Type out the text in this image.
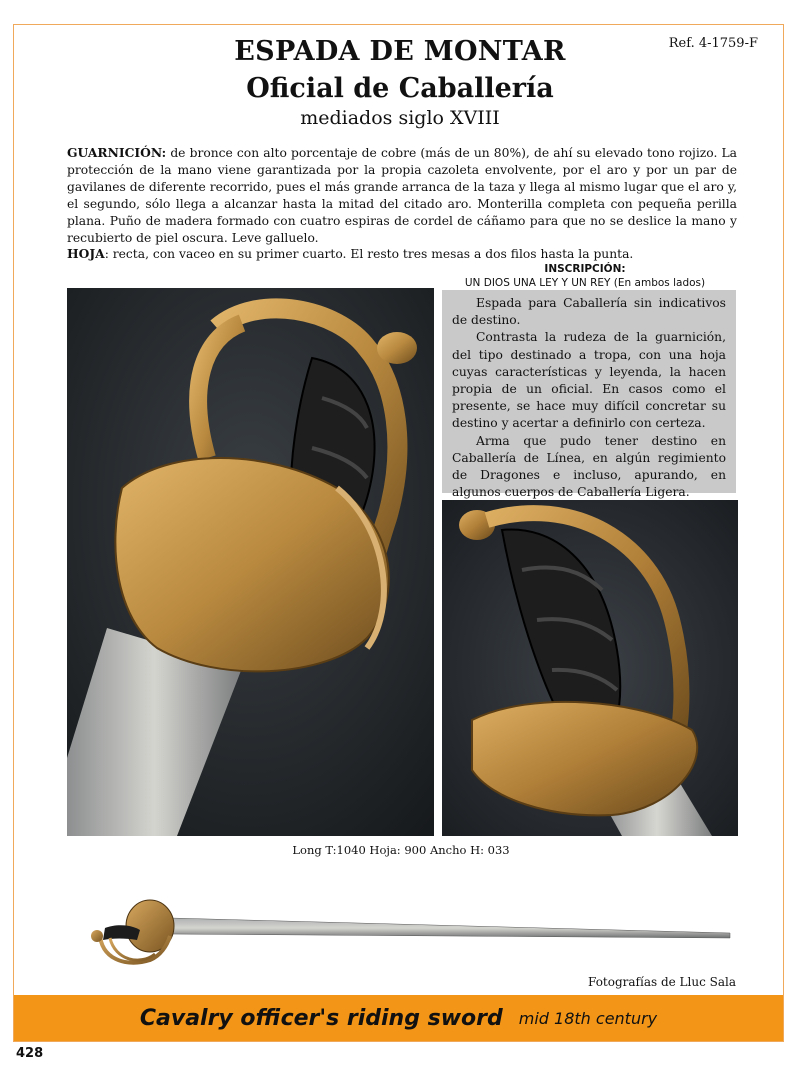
Ref. 4-1759-F
ESPADA DE MONTAR
Oficial de Caballería
mediados siglo XVIII

GUARNICIÓN: de bronce con alto porcentaje de cobre (más de un 80%), de ahí su elevado tono rojizo. La protección de la mano viene garantizada por la propia cazoleta envolvente, por el aro y por un par de gavilanes de diferente recorrido, pues el más grande arranca de la taza y llega al mismo lugar que el aro y, el segundo, sólo llega a alcanzar hasta la mitad del citado aro. Monterilla completa con pequeña perilla plana. Puño de madera formado con cuatro espiras de cordel de cáñamo para que no se deslice la mano y recubierto de piel oscura. Leve galluelo.

HOJA: recta, con vaceo en su primer cuarto. El resto tres mesas a dos filos hasta la punta.

INSCRIPCIÓN:
UN DIOS UNA LEY Y UN REY (En ambos lados)

Espada para Caballería sin indicativos de destino.

Contrasta la rudeza de la guarnición, del tipo destinado a tropa, con una hoja cuyas características y leyenda, la hacen propia de un oficial. En casos como el presente, se hace muy difícil concretar su destino y acertar a definirlo con certeza.

Arma que pudo tener destino en Caballería de Línea, en algún regimiento de Dragones e incluso, apurando, en algunos cuerpos de Caballería Ligera.

Long T:1040 Hoja: 900 Ancho H: 033
Fotografías de Lluc Sala
Cavalry officer's riding sword mid 18th century
428
